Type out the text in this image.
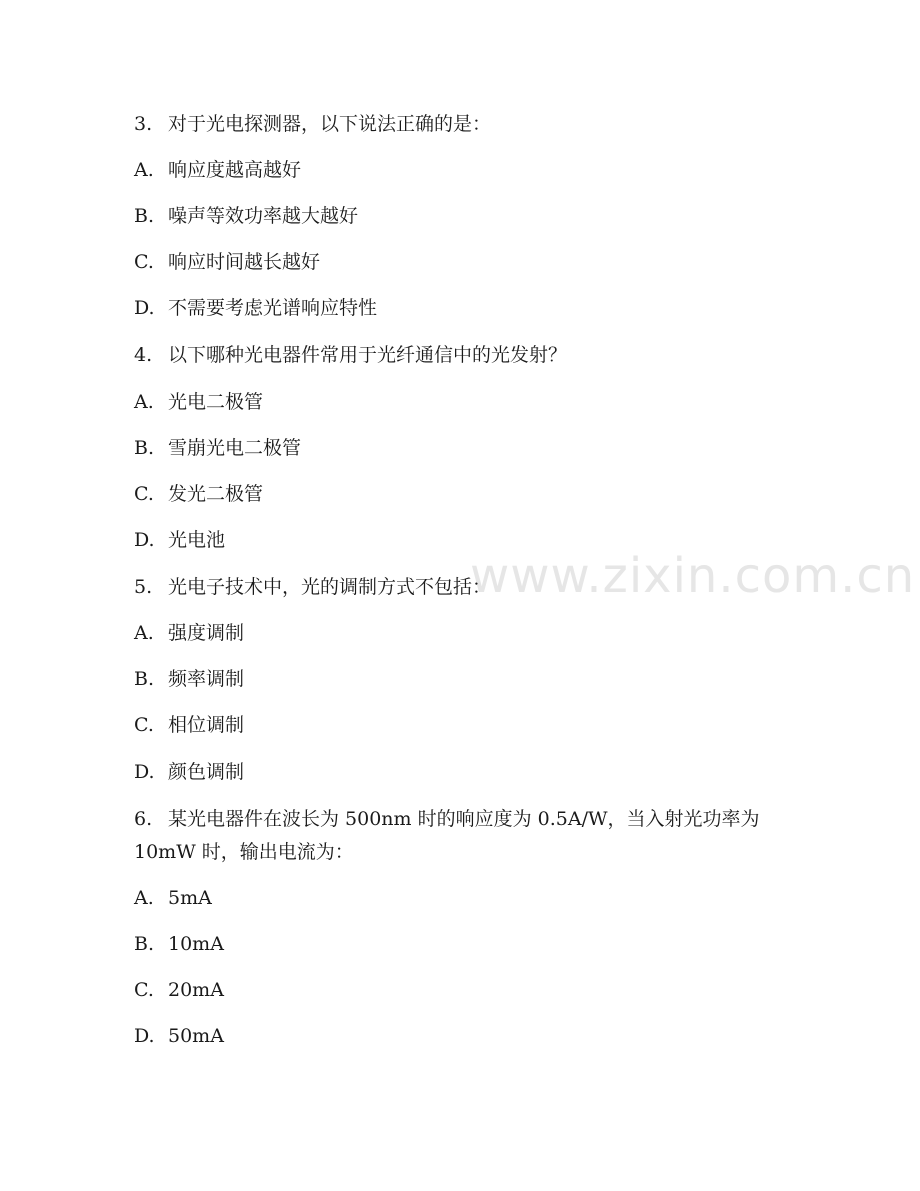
www.zixin.com.cn
3. 对于光电探测器，以下说法正确的是：
A. 响应度越高越好
B. 噪声等效功率越大越好
C. 响应时间越长越好
D. 不需要考虑光谱响应特性
4. 以下哪种光电器件常用于光纤通信中的光发射？
A. 光电二极管
B. 雪崩光电二极管
C. 发光二极管
D. 光电池
5. 光电子技术中，光的调制方式不包括：
A. 强度调制
B. 频率调制
C. 相位调制
D. 颜色调制
6. 某光电器件在波长为 500nm 时的响应度为 0.5A/W，当入射光功率为
10mW 时，输出电流为：
A. 5mA
B. 10mA
C. 20mA
D. 50mA
